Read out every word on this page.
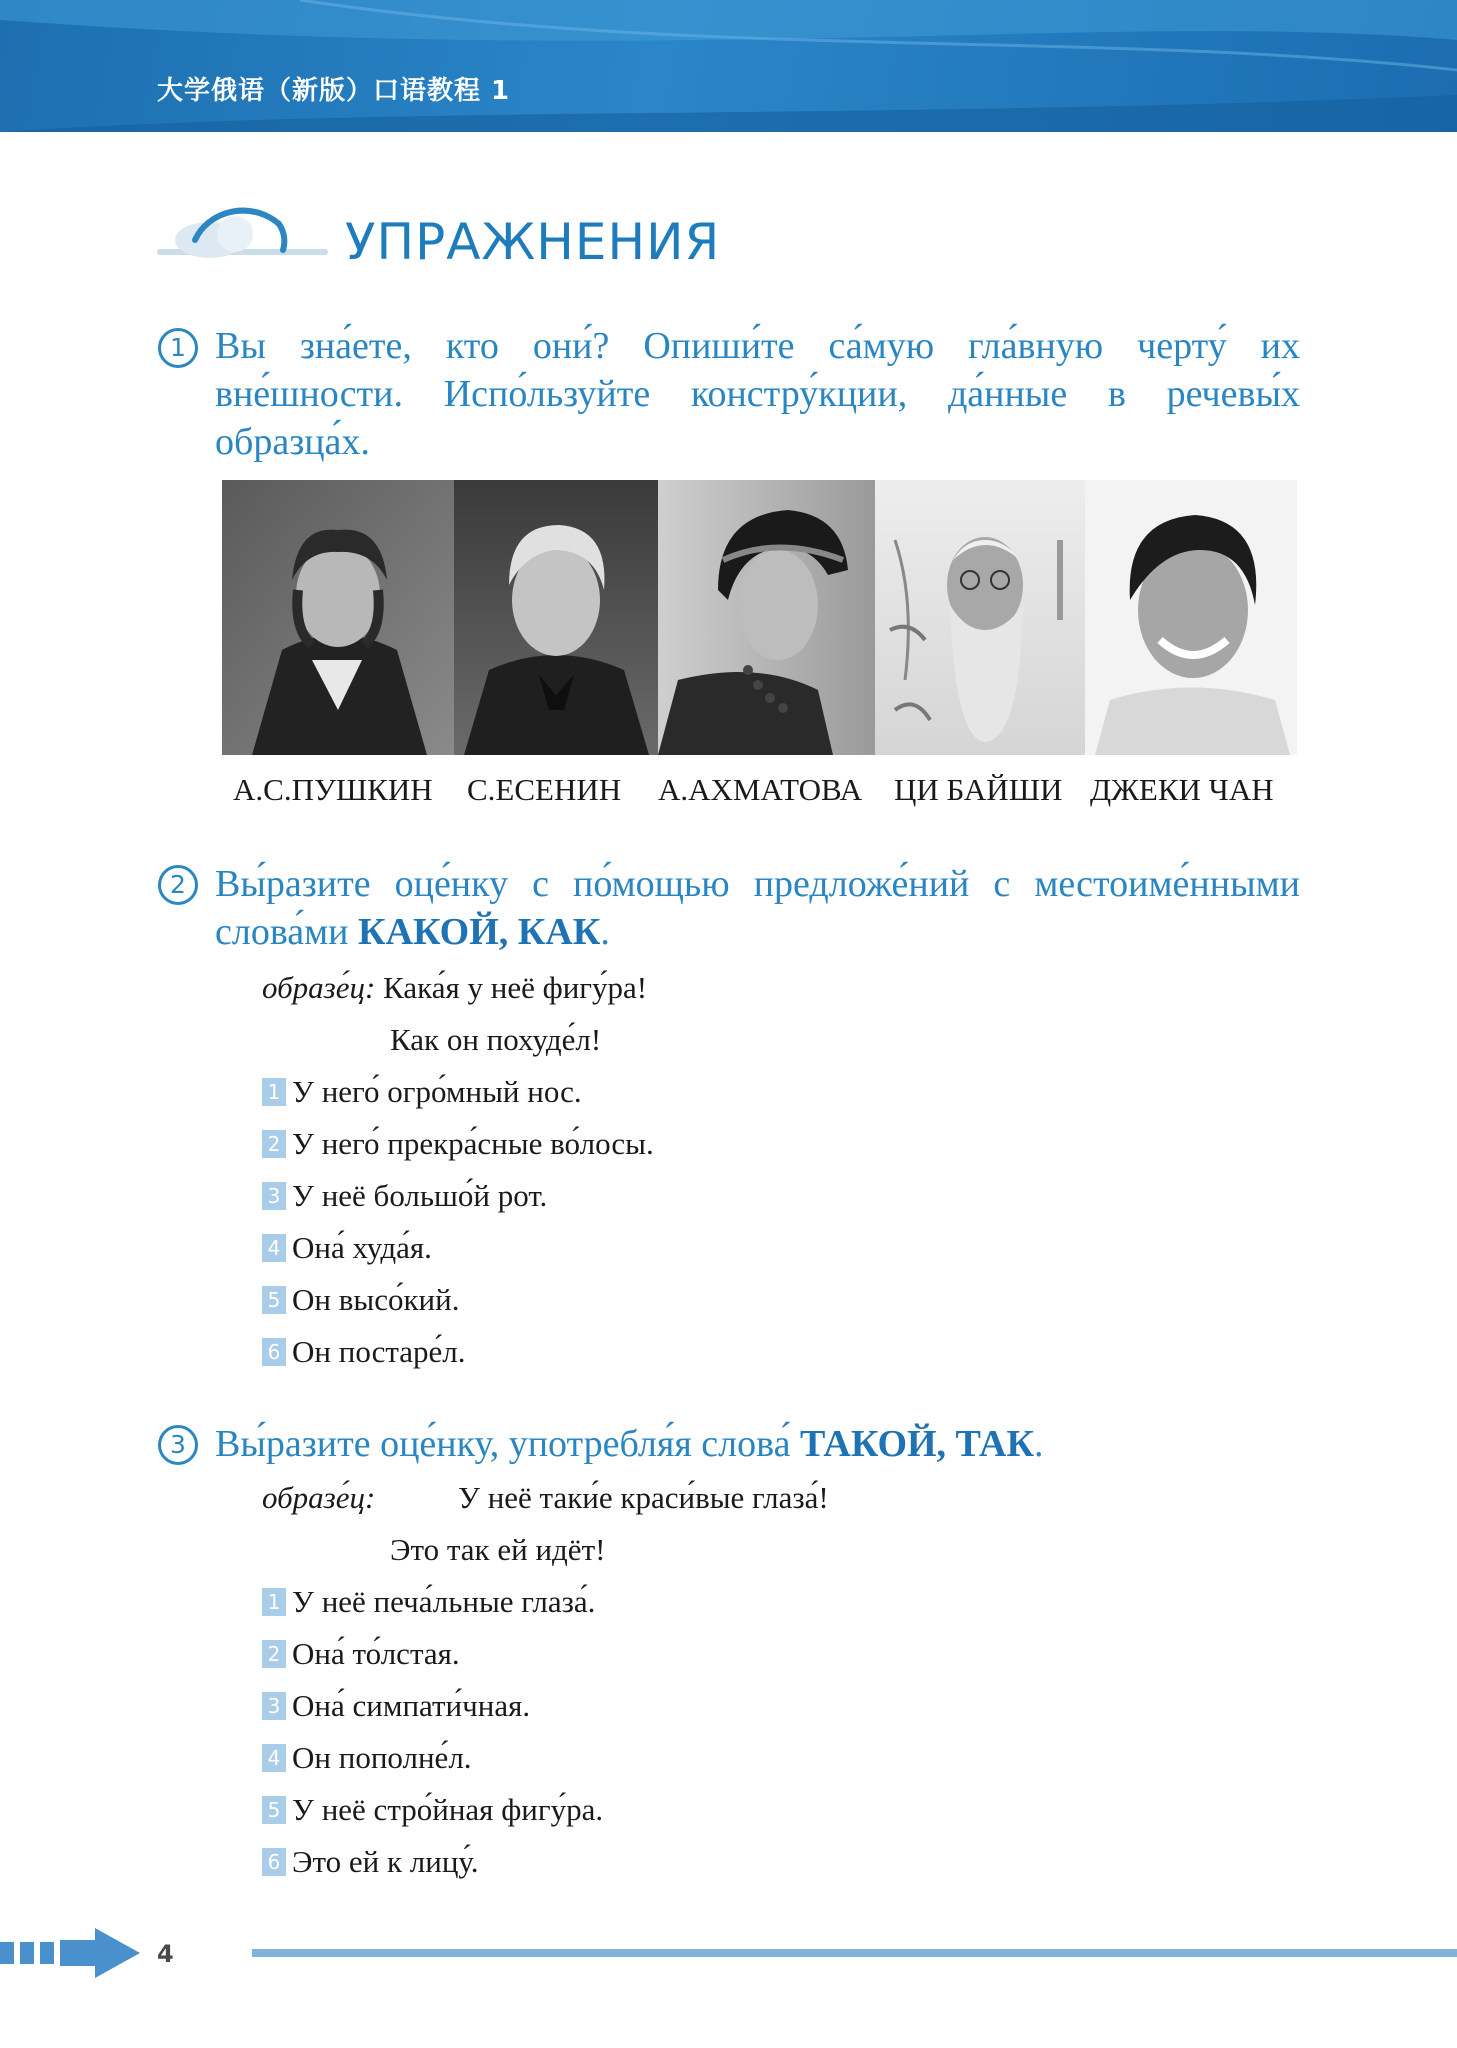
大学俄语（新版）口语教程 1
УПРАЖНЕНИЯ
1 Вы зна́ете, кто они́? Опиши́те са́мую гла́вную черту́ их вне́шности. Испо́льзуйте констру́кции, да́нные в речевы́х образца́х.
А.С.ПУШКИН С.ЕСЕНИН А.АХМАТОВА ЦИ БАЙШИ ДЖЕКИ ЧАН
2 Вы́разите оце́нку с по́мощью предложе́ний с местоиме́нными слова́ми КАКОЙ, КАК.
образе́ц: Кака́я у неё фигу́ра!
Как он похуде́л!
1 У него́ огро́мный нос.
2 У него́ прекра́сные во́лосы.
3 У неё большо́й рот.
4 Она́ худа́я.
5 Он высо́кий.
6 Он постаре́л.
3 Вы́разите оце́нку, употребля́я слова́ ТАКОЙ, ТАК.
образе́ц:	У неё таки́е краси́вые глаза́!
Это так ей идёт!
1 У неё печа́льные глаза́.
2 Она́ то́лстая.
3 Она́ симпати́чная.
4 Он пополне́л.
5 У неё стро́йная фигу́ра.
6 Это ей к лицу́.
4
